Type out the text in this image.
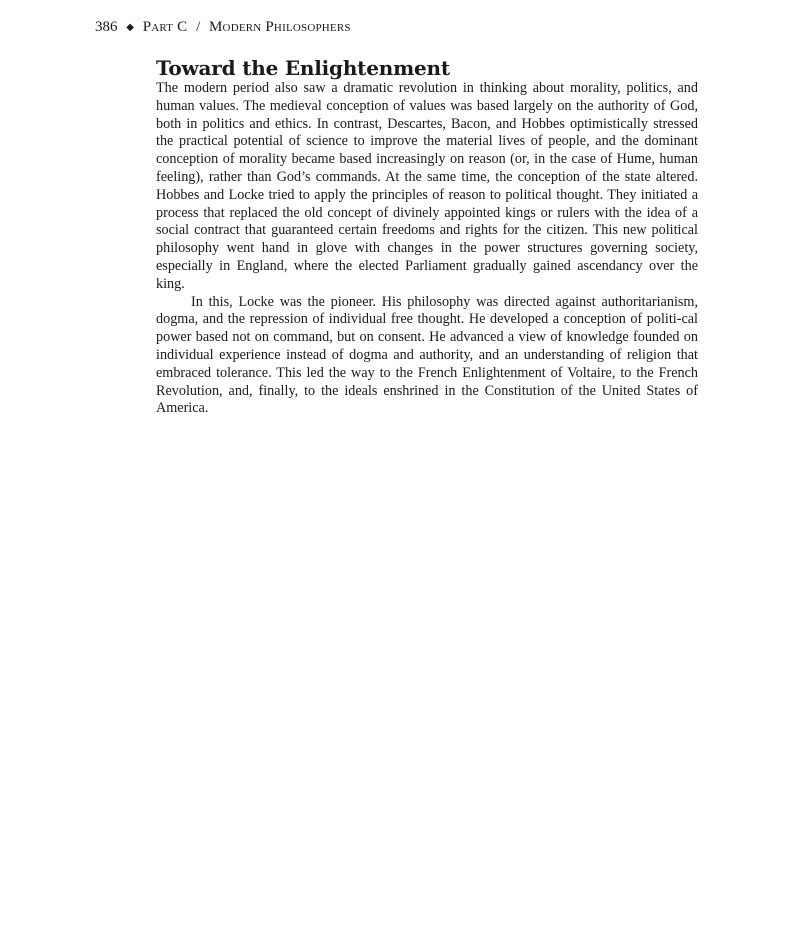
386 ◆ Part C / Modern Philosophers
Toward the Enlightenment

The modern period also saw a dramatic revolution in thinking about morality, politics, and human values. The medieval conception of values was based largely on the authority of God, both in politics and ethics. In contrast, Descartes, Bacon, and Hobbes optimistically stressed the practical potential of science to improve the material lives of people, and the dominant conception of morality became based increasingly on reason (or, in the case of Hume, human feeling), rather than God’s commands. At the same time, the conception of the state altered. Hobbes and Locke tried to apply the principles of reason to political thought. They initiated a process that replaced the old concept of divinely appointed kings or rulers with the idea of a social contract that guaranteed certain freedoms and rights for the citizen. This new political philosophy went hand in glove with changes in the power structures governing society, especially in England, where the elected Parliament gradually gained ascendancy over the king.

In this, Locke was the pioneer. His philosophy was directed against authoritarianism, dogma, and the repression of individual free thought. He developed a conception of politi-cal power based not on command, but on consent. He advanced a view of knowledge founded on individual experience instead of dogma and authority, and an understanding of religion that embraced tolerance. This led the way to the French Enlightenment of Voltaire, to the French Revolution, and, finally, to the ideals enshrined in the Constitution of the United States of America.
